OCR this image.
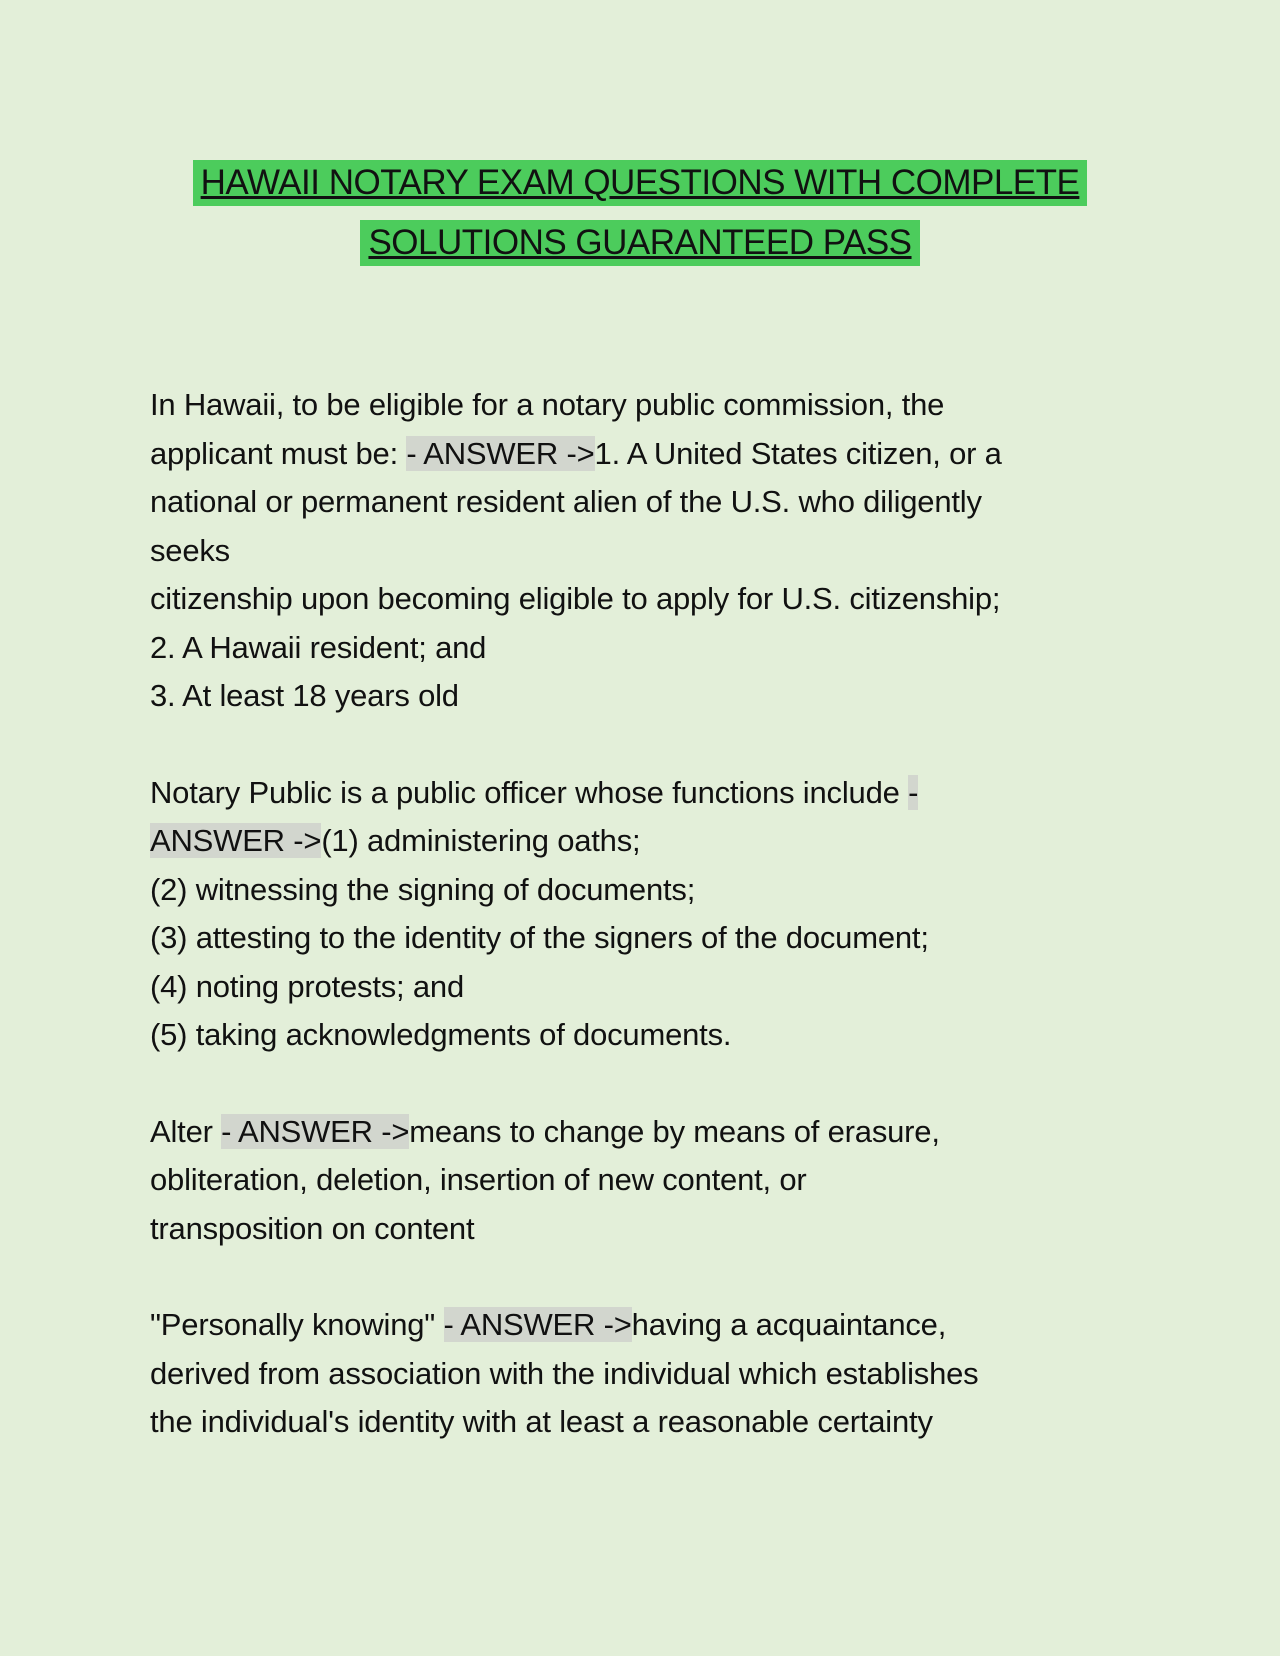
HAWAII NOTARY EXAM QUESTIONS WITH COMPLETE
SOLUTIONS GUARANTEED PASS
In Hawaii, to be eligible for a notary public commission, the
applicant must be: - ANSWER ->1. A United States citizen, or a
national or permanent resident alien of the U.S. who diligently
seeks
citizenship upon becoming eligible to apply for U.S. citizenship;
2. A Hawaii resident; and
3. At least 18 years old
Notary Public is a public officer whose functions include -
ANSWER ->(1) administering oaths;
(2) witnessing the signing of documents;
(3) attesting to the identity of the signers of the document;
(4) noting protests; and
(5) taking acknowledgments of documents.
Alter - ANSWER ->means to change by means of erasure,
obliteration, deletion, insertion of new content, or
transposition on content
"Personally knowing" - ANSWER ->having a acquaintance,
derived from association with the individual which establishes
the individual's identity with at least a reasonable certainty
